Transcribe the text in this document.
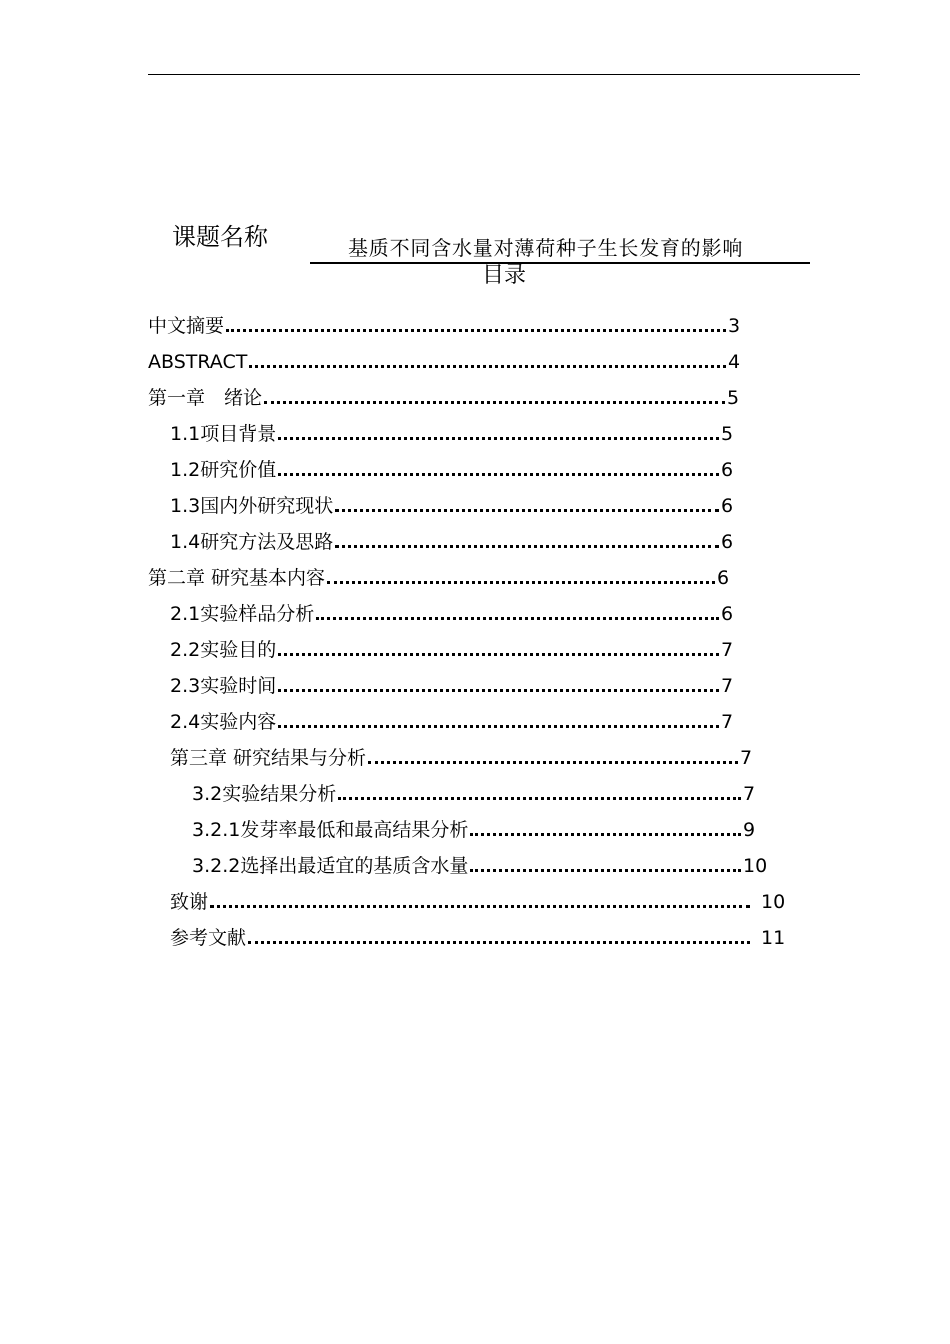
课题名称	基质不同含水量对薄荷种子生长发育的影响
目录
中文摘要	3
ABSTRACT	4
第一章　绪论	5
1.1项目背景	5
1.2研究价值	6
1.3国内外研究现状	6
1.4研究方法及思路	6
第二章 研究基本内容	6
2.1实验样品分析	6
2.2实验目的	7
2.3实验时间	7
2.4实验内容	7
第三章 研究结果与分析	7
3.2实验结果分析	7
3.2.1发芽率最低和最高结果分析	9
3.2.2选择出最适宜的基质含水量	10
致谢	10
参考文献	11
